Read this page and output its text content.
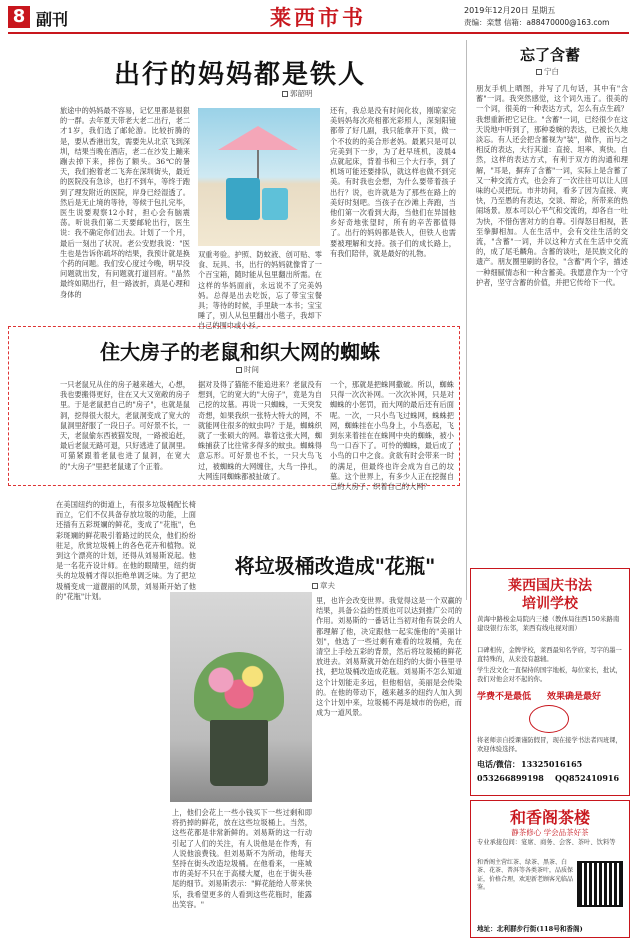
8 副刊	莱西市书	2019年12月20日 星期五
责编：栾慧 信箱：a88470000@163.com
出行的妈妈都是铁人
郭韶明
旅途中的妈妈最不容易，记忆里都是很狠的一群。去年夏天带老大老二出行，老二才1岁，我们选了邮轮游。比较折腾的是，要从香港出发，需要先从北京飞到深圳，结果当晚在酒店，老二在沙发上蹦来蹦去掉下来，摔伤了额头。36℃的暑天，我们抱着老二飞奔在深圳街头，最近的医院没有急诊，也打不到车，等终于跑到了理发附近的医院，岸身已经湿透了。然后是无止境的等待，等候于包扎完毕，医生说要观察12小时，担心会有脑震荡。听说我们第二天要邮轮出行，医生说：我不确定你们出去。计划了一个月，最后一刻出了状况。老公安慰我说："医生也是告诉你疏坏的结果，我预计就是换个药的问题。我们安心度过今晚，明早没问题就出发，有问题就打道回府。"晶然最终如期出行，但一路波折，真是心理和身体的
双重考验。护照、防蚊液、创可贴、零食、玩具、书，出行的妈妈就像背了一个百宝箱，随时能从包里翻出所需。在这样的华妈面前，永远说不了完美妈妈。总得是出去吃饭，忘了带宝宝餐具；等待的时候，手里缺一本书；宝宝睡了，别人从包里翻出小毯子，我却下自己的围巾或小衫。
还有，我总是没有时间化妆，刚晾家完美妈妈每次亮相都光彩照人，深刻阳镜都带了好几副，我只能拿开下页，做一个不妆的的美合形老妈。最累只是可以完美到下一步，为了赶早班机，凌晨4点就起床，背着书和三个大行李，到了机场可能还要排队，就这样也做不到完美。有时我也会想，为什么要带着孩子出行？说，也许就是为了那些在路上的美好时刻吧。当孩子在沙滩上奔跑，当他们第一次看到大海，当他们在异国他乡好奇地张望时，所有的辛苦都值得了。出行的妈妈都是铁人，但铁人也需要被理解和支持。孩子们的成长路上，有我们陪伴，就是最好的礼物。
忘了含蓄
宁白
朋友手机上晒图，并写了几句话，其中有"含蓄"一词。我突然感觉，这个词久违了。很美的一个词，很美的一种表达方式，怎么有点生疏？我想重新把它记住。"含蓄"一词，已经很少在这天说地中听到了，那种委婉的表达，已被长久地淡忘。有人还会把含蓄视为"装"，做作，而与之相反的表达，大行其道：直接、坦率、爽快。自然，这样的表达方式，有利于双方的沟通和理解，"耳是，摒弃了含蓄"一词，实际上是含蓄了又一种交流方式，也会弃了一次往往可以让人回味的心灵把玩。市井坊间，看多了因为直接、爽快，乃至愚的有表达，交谈、辩论，所带来的热闹场景。原本可以心平气和交流的，却各自一吐为快，不惜伤害对方的自尊。引得怒目相视，甚至拳脚相加。人在生活中，会有交往生活的交流，"含蓄"一词，并以这种方式在生活中交流的，成了尾毛麟角。含蓄的谈吐，是民族文化的遗产。朋友圈里刷的各位，"含蓄"两个字，描述一种细腻情态和一种含蓄美。我愿意作为一个守护者，坚守含蓄的价值，并把它传给下一代。
住大房子的老鼠和织大网的蜘蛛
时间
一只老鼠兄从住的房子越来越大，心想，我也要搬得更好，住在又大又宽敞的房子里。于是老鼠把自己的"房子"，也就是鼠洞，挖得很大很大，老鼠洞变成了宽大的鼠洞里舒服了一段日子。可好景不长，一天，老鼠偷东西被猫发现，一路被追赶，最后老鼠无路可退，只好逃进了鼠洞里。可猫紧跟着老鼠也进了鼠洞，在宽大的"大房子"里把老鼠逮了个正着。
据对及得了猫能不能追进来？老鼠没有想到，它的宽大的"大房子"，竟是为自己挖的坟墓。再说一只蜘蛛，一天突发奇想，如果我织一张特大特大的网，不就能网住很多的蚊虫吗？于是，蜘蛛织就了一张硕大的网。靠着这张大网，蜘蛛捕获了比往常多得多的蚊虫。蜘蛛得意忘形。可好景也不长，一只大鸟飞过，被蜘蛛的大网缠住，大鸟一挣扎，大网连同蜘蛛都被扯破了。
一个，那就是把蛛网撒破。所以，蜘蛛只得一次次补网。一次次补网，只是对蜘蛛的小惩罚，而大网的最后还有后面呢。一次，一只小鸟飞过蛛网，蛛蛛把网，蜘蛛挂在小鸟身上，小鸟惑起，飞到东来着挂在在蛛网中央的蜘蛛，被小鸟一口吞下了。可怜的蜘蛛，最后成了小鸟的口中之食。贪欲有时会带来一时的满足，但最终也许会成为自己的坟墓。这个世界上，有多少人正在挖掘自己的大房子、织着自己的大网？
在美国纽约的街道上，有很多垃圾桶配长椅而立，它们不仅具备存放垃圾的功能，上面还插有五彩斑斓的鲜花，变成了"花瓶"，色彩斑斓的鲜花吸引着路过的民众，他们纷纷驻足，欣赏垃圾桶上的各色花卉和植物。说到这个漂亮的计划，还得从刘易斯说起。他是一名花卉设计师。在他的眼睛里，纽约街头的垃圾桶才得以拒绝单调乏味。为了把垃圾桶变成一道靓丽的风景，刘易斯开始了他的"花瓶"计划。
将垃圾桶改造成"花瓶"
章夫
上，他们会花上一些小钱买下一些过剩和即将扔掉的鲜花，放在这些垃圾桶上。当然，这些花都是非常新鲜的。刘易斯的这一行动引起了人们的关注，有人说他是在作秀，有人说他浪费钱。但刘易斯不为所动，他每天坚持在街头改造垃圾桶。在他看来，一座城市的美好不只在于高楼大厦，也在于街头巷尾的细节。刘易斯表示："鲜花能给人带来快乐，我希望更多的人看到这些花瓶时，能露出笑容。"
里，也许会改变世界。我觉得这是一个双赢的结果，具备公益的性质也可以达到推广公司的作用。刘易斯的一番话让当初对他有误会的人都理解了他，决定跟他一起实施他的"美丽计划"，他选了一些过剩有难看的垃圾桶，先在清空上手绘五彩的背景，然后将垃圾桶的鲜花放进去。刘易斯就开始在纽约的大街小巷里寻找，把垃圾桶改造成花瓶。刘易斯不怎么知道这个计划能走多远，但他相信，美丽是会传染的。在他的带动下，越来越多的纽约人加入到这个计划中来，垃圾桶不再是城市的伤疤，而成为一道风景。
莱西国庆书法
培训学校
黄海中路梭金局院内三楼（教体局往西150米路南建设银行东邻，莱西有线电视对面）
口碑相传，金牌学校，莱西最知名学府，写字的墨一直特殊的，从来没有越辅。
学生没文化一直保持的国字地板，每位家长，批试，我们对他会对不起的你。
学费不是最低 效果确是最好
将老师亲自授课谨防假冒，现在接学书法者四班课，欢迎体验选择。
电话/微信： 13325016165
053266899198 QQ852410916
和香阁茶楼
静茶修心 学会品茶好茶
专业承接包间：宴席、商务、会客、茶叶、饮料等
和香阁主营红茶、绿茶、黑茶、白茶、花茶、普洱等各类茶叶，品质保证，价格合理，欢迎新老顾客光临品鉴。
地址：北利群步行街(118号和香阁)
